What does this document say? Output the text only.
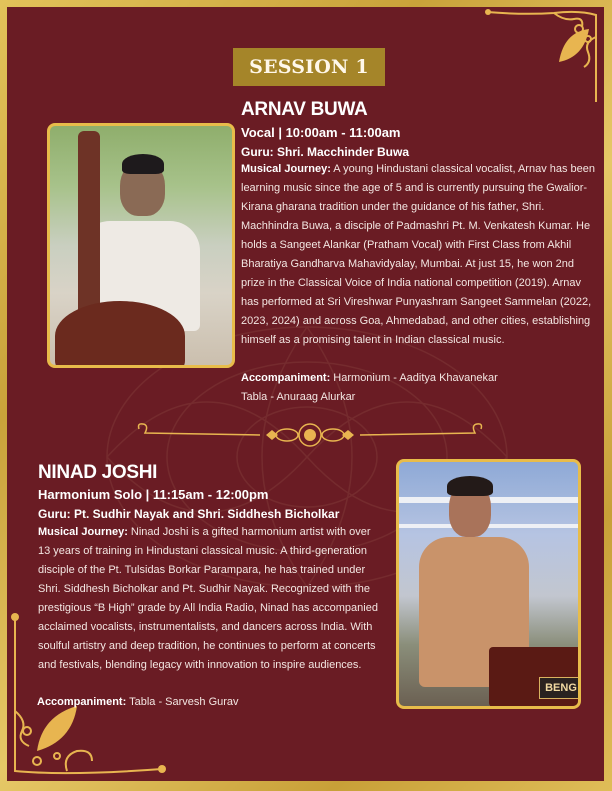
SESSION 1
ARNAV BUWA
Vocal | 10:00am - 11:00am
Guru: Shri. Macchinder Buwa
Musical Journey: A young Hindustani classical vocalist, Arnav has been learning music since the age of 5 and is currently pursuing the Gwalior-Kirana gharana tradition under the guidance of his father, Shri. Machhindra Buwa, a disciple of Padmashri Pt. M. Venkatesh Kumar. He holds a Sangeet Alankar (Pratham Vocal) with First Class from Akhil Bharatiya Gandharva Mahavidyalay, Mumbai. At just 15, he won 2nd prize in the Classical Voice of India national competition (2019). Arnav has performed at Sri Vireshwar Punyashram Sangeet Sammelan (2022, 2023, 2024) and across Goa, Ahmedabad, and other cities, establishing himself as a promising talent in Indian classical music.
Accompaniment: Harmonium - Aaditya Khavanekar
Tabla - Anuraag Alurkar
NINAD JOSHI
Harmonium Solo | 11:15am - 12:00pm
Guru: Pt. Sudhir Nayak and Shri. Siddhesh Bicholkar
Musical Journey: Ninad Joshi is a gifted harmonium artist with over 13 years of training in Hindustani classical music. A third-generation disciple of the Pt. Tulsidas Borkar Parampara, he has trained under Shri. Siddhesh Bicholkar and Pt. Sudhir Nayak. Recognized with the prestigious “B High” grade by All India Radio, Ninad has accompanied acclaimed vocalists, instrumentalists, and dancers across India. With soulful artistry and deep tradition, he continues to perform at concerts and festivals, blending legacy with innovation to inspire audiences.
Accompaniment: Tabla - Sarvesh Gurav
BENG
